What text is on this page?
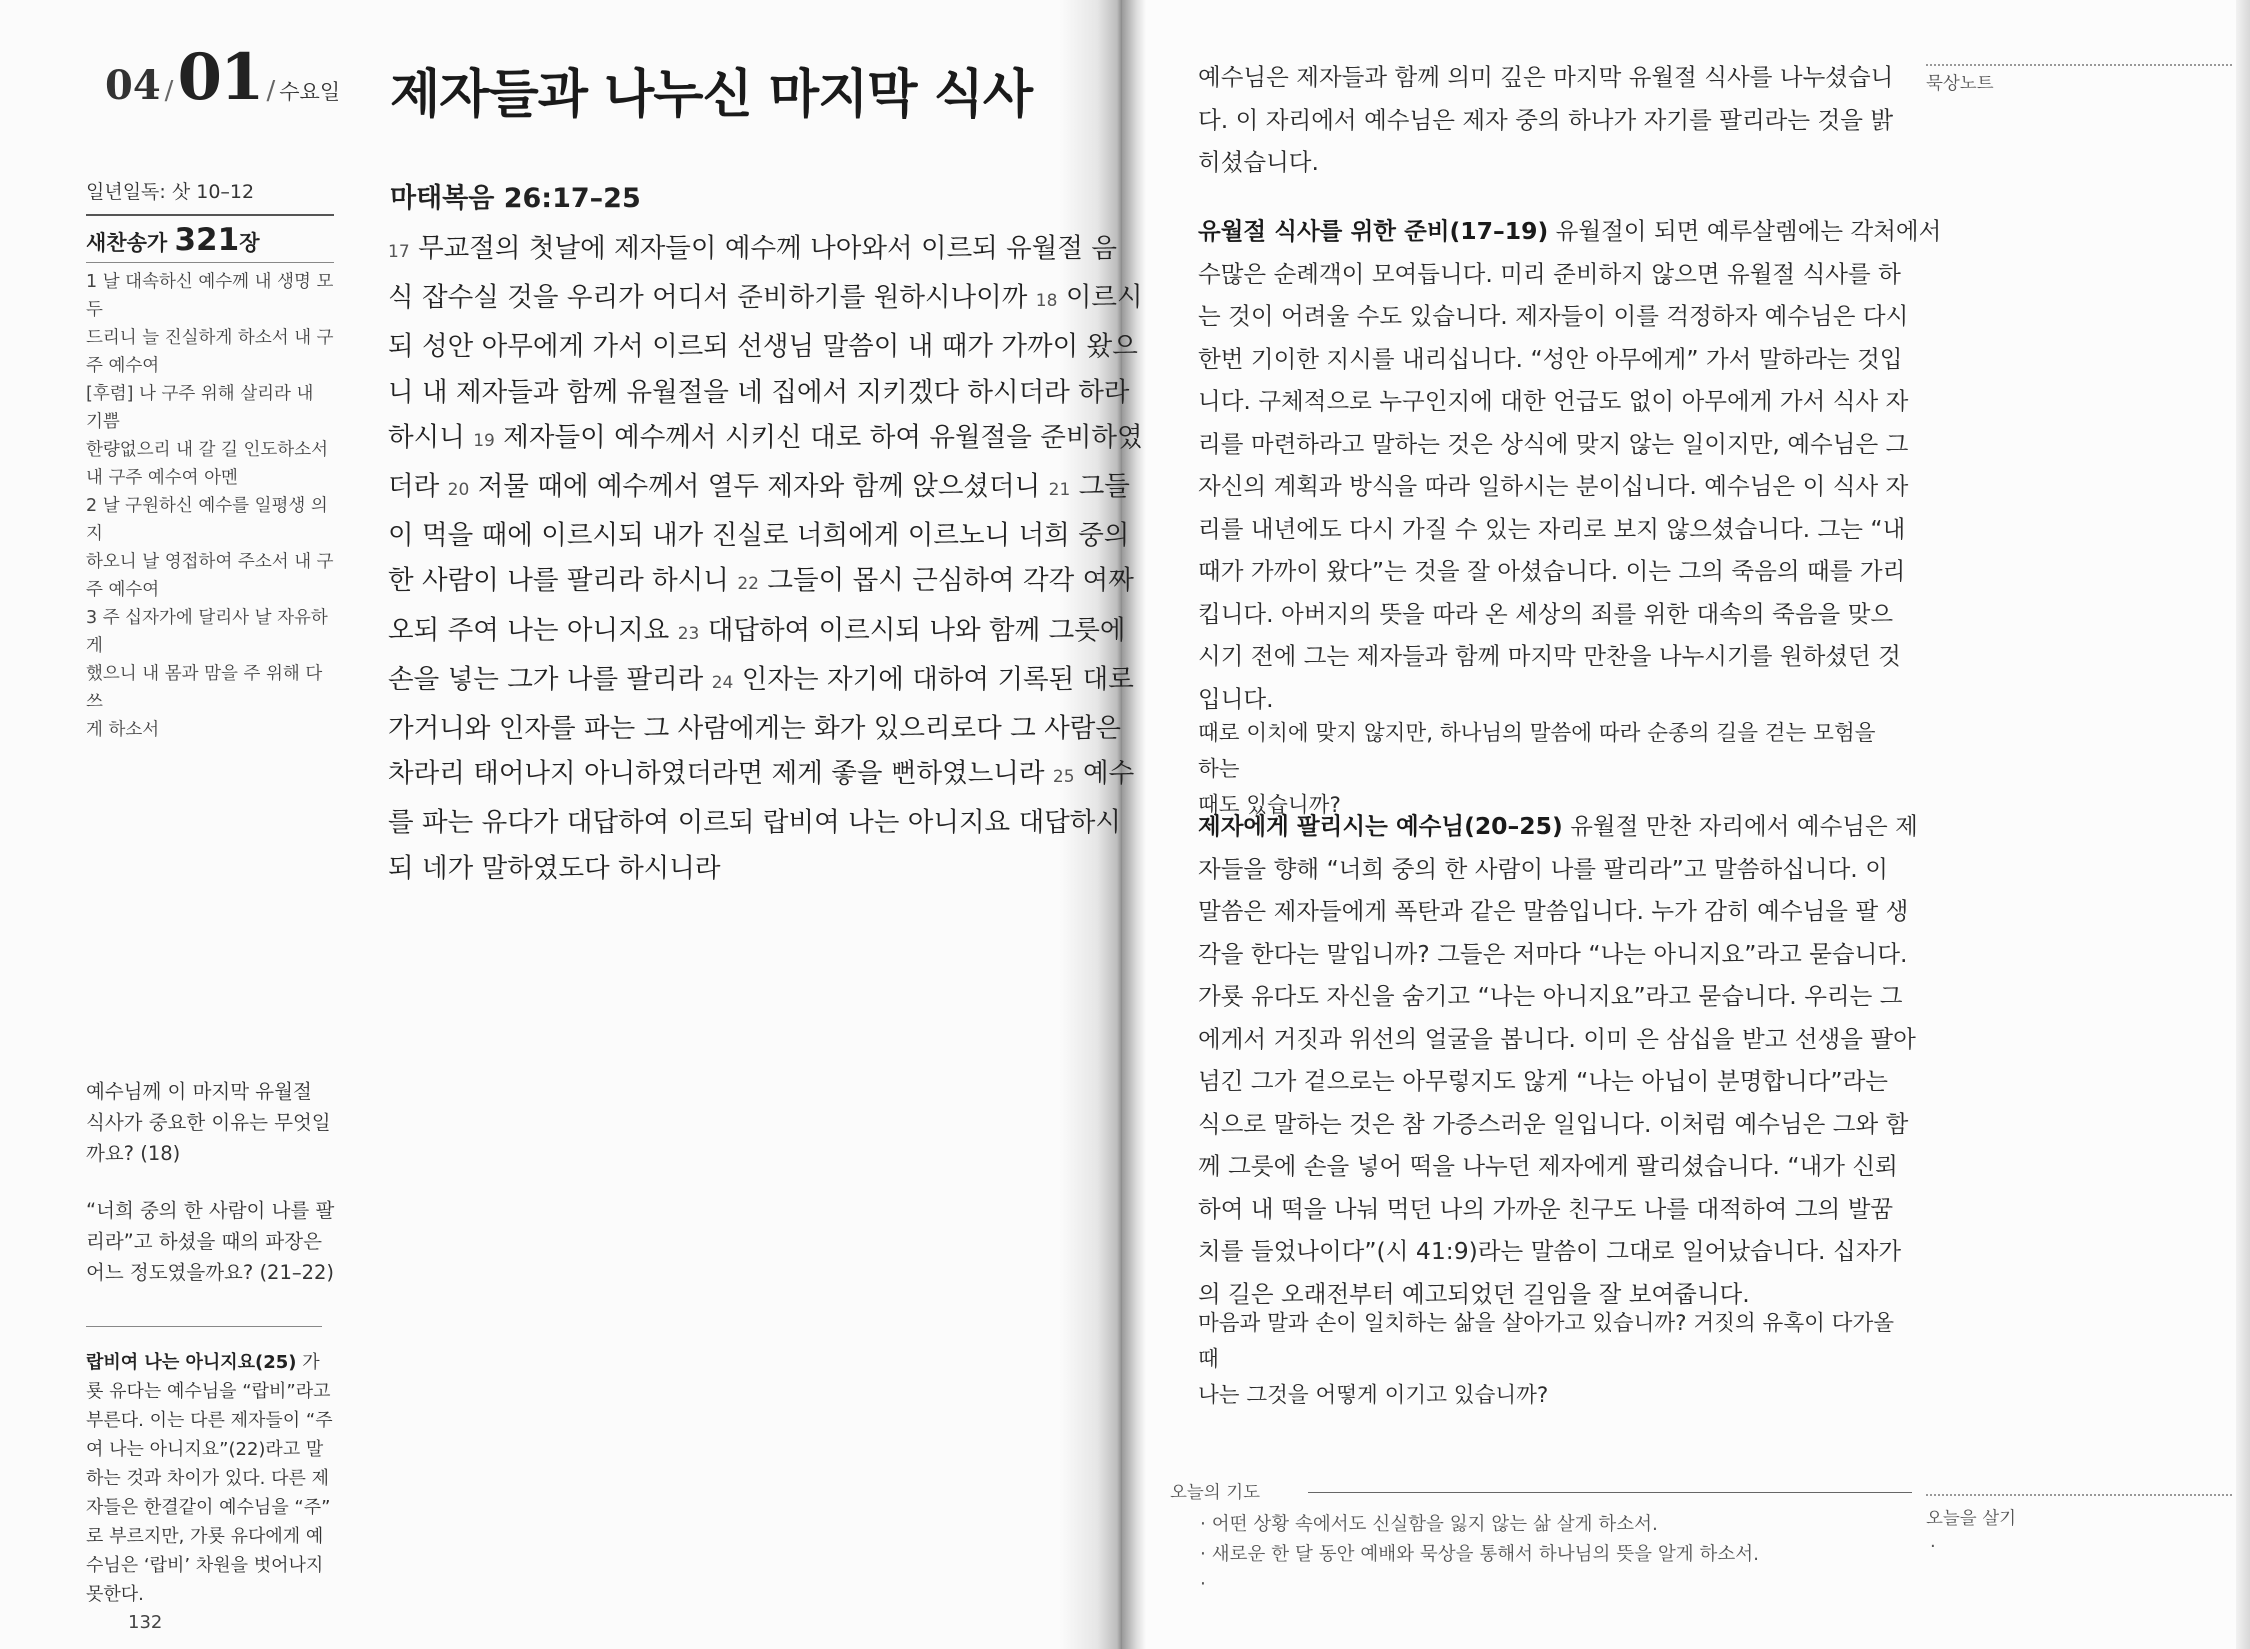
04 /01 / 수요일 제자들과 나누신 마지막 식사
일년일독: 삿 10–12
새찬송가 321장
1 날 대속하신 예수께 내 생명 모두
드리니 늘 진실하게 하소서 내 구
주 예수여
[후렴] 나 구주 위해 살리라 내 기쁨
한량없으리 내 갈 길 인도하소서
내 구주 예수여 아멘
2 날 구원하신 예수를 일평생 의지
하오니 날 영접하여 주소서 내 구
주 예수여
3 주 십자가에 달리사 날 자유하게
했으니 내 몸과 맘을 주 위해 다 쓰
게 하소서

예수님께 이 마지막 유월절 식사가 중요한 이유는 무엇일까요? (18)

“너희 중의 한 사람이 나를 팔리라”고 하셨을 때의 파장은 어느 정도였을까요? (21–22)

랍비여 나는 아니지요(25) 가
룟 유다는 예수님을 “랍비”라고
부른다. 이는 다른 제자들이 “주
여 나는 아니지요”(22)라고 말
하는 것과 차이가 있다. 다른 제
자들은 한결같이 예수님을 “주”
로 부르지만, 가룟 유다에게 예
수님은 ‘랍비’ 차원을 벗어나지
못한다.
132
마태복음 26:17–25
17 무교절의 첫날에 제자들이 예수께 나아와서 이르되 유월절 음
식 잡수실 것을 우리가 어디서 준비하기를 원하시나이까 18 이르시
되 성안 아무에게 가서 이르되 선생님 말씀이 내 때가 가까이 왔으
니 내 제자들과 함께 유월절을 네 집에서 지키겠다 하시더라 하라
하시니 19 제자들이 예수께서 시키신 대로 하여 유월절을 준비하였
더라 20 저물 때에 예수께서 열두 제자와 함께 앉으셨더니 21 그들
이 먹을 때에 이르시되 내가 진실로 너희에게 이르노니 너희 중의
한 사람이 나를 팔리라 하시니 22 그들이 몹시 근심하여 각각 여짜
오되 주여 나는 아니지요 23 대답하여 이르시되 나와 함께 그릇에
손을 넣는 그가 나를 팔리라 24 인자는 자기에 대하여 기록된 대로
가거니와 인자를 파는 그 사람에게는 화가 있으리로다 그 사람은
차라리 태어나지 아니하였더라면 제게 좋을 뻔하였느니라 25 예수
를 파는 유다가 대답하여 이르되 랍비여 나는 아니지요 대답하시
되 네가 말하였도다 하시니라
예수님은 제자들과 함께 의미 깊은 마지막 유월절 식사를 나누셨습니
다. 이 자리에서 예수님은 제자 중의 하나가 자기를 팔리라는 것을 밝
히셨습니다.
유월절 식사를 위한 준비(17–19) 유월절이 되면 예루살렘에는 각처에서
수많은 순례객이 모여듭니다. 미리 준비하지 않으면 유월절 식사를 하
는 것이 어려울 수도 있습니다. 제자들이 이를 걱정하자 예수님은 다시
한번 기이한 지시를 내리십니다. “성안 아무에게” 가서 말하라는 것입
니다. 구체적으로 누구인지에 대한 언급도 없이 아무에게 가서 식사 자
리를 마련하라고 말하는 것은 상식에 맞지 않는 일이지만, 예수님은 그
자신의 계획과 방식을 따라 일하시는 분이십니다. 예수님은 이 식사 자
리를 내년에도 다시 가질 수 있는 자리로 보지 않으셨습니다. 그는 “내
때가 가까이 왔다”는 것을 잘 아셨습니다. 이는 그의 죽음의 때를 가리
킵니다. 아버지의 뜻을 따라 온 세상의 죄를 위한 대속의 죽음을 맞으
시기 전에 그는 제자들과 함께 마지막 만찬을 나누시기를 원하셨던 것
입니다.
때로 이치에 맞지 않지만, 하나님의 말씀에 따라 순종의 길을 걷는 모험을 하는
때도 있습니까?
제자에게 팔리시는 예수님(20–25) 유월절 만찬 자리에서 예수님은 제
자들을 향해 “너희 중의 한 사람이 나를 팔리라”고 말씀하십니다. 이
말씀은 제자들에게 폭탄과 같은 말씀입니다. 누가 감히 예수님을 팔 생
각을 한다는 말입니까? 그들은 저마다 “나는 아니지요”라고 묻습니다.
가룟 유다도 자신을 숨기고 “나는 아니지요”라고 묻습니다. 우리는 그
에게서 거짓과 위선의 얼굴을 봅니다. 이미 은 삼십을 받고 선생을 팔아
넘긴 그가 겉으로는 아무렇지도 않게 “나는 아닙이 분명합니다”라는
식으로 말하는 것은 참 가증스러운 일입니다. 이처럼 예수님은 그와 함
께 그릇에 손을 넣어 떡을 나누던 제자에게 팔리셨습니다. “내가 신뢰
하여 내 떡을 나눠 먹던 나의 가까운 친구도 나를 대적하여 그의 발꿈
치를 들었나이다”(시 41:9)라는 말씀이 그대로 일어났습니다. 십자가
의 길은 오래전부터 예고되었던 길임을 잘 보여줍니다.
마음과 말과 손이 일치하는 삶을 살아가고 있습니까? 거짓의 유혹이 다가올 때
나는 그것을 어떻게 이기고 있습니까?
묵상노트
오늘의 기도
· 어떤 상황 속에서도 신실함을 잃지 않는 삶 살게 하소서.
· 새로운 한 달 동안 예배와 묵상을 통해서 하나님의 뜻을 알게 하소서.
·
오늘을 살기
·
